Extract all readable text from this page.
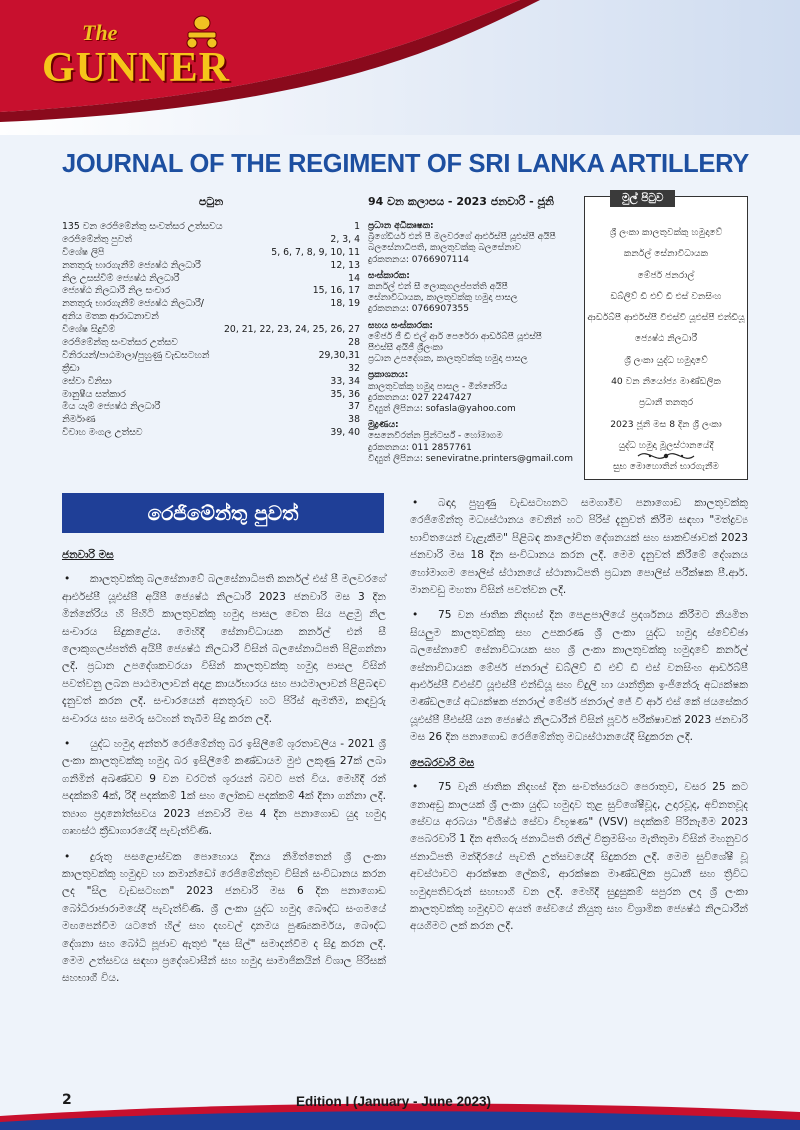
The
GUNNER
JOURNAL OF THE REGIMENT OF SRI LANKA ARTILLERY
පටුන
135 වන රෙජිමේන්තු සංවත්සර උත්සවය	1
රෙජිමේන්තු පුවත්	2, 3, 4
විශේෂ ලිපි	5, 6, 7, 8, 9, 10, 11
නතතුරු භාරගැනීම් ජ්‍යෙෂ්ඨ නිලධාරී	12, 13
නිල උසස්වීම් ජ්‍යෙෂ්ඨ නිලධාරී	14
ජ්‍යෙෂ්ඨ නිලධාරී නිල සංචාර	15, 16, 17
නතතුරු භාරගැනීම් ජ්‍යෙෂ්ඨ නිලධාරී/	18, 19
අනිය මතක ආරාධනාවන්
විශේෂ සිදුවීම්	20, 21, 22, 23, 24, 25, 26, 27
රෙජිමේන්තු සංවත්සර උත්සව	28
විනිරයන්/පාඨමාලා/පුහුණු වැඩසටහන්	29,30,31
ක්‍රීඩා	32
සේවා විනිසා	33, 34
මානුෂීය සත්කාර	35, 36
මිය යෑම් ජ්‍යෙෂ්ඨ නිලධාරී	37
නිර්මාණ	38
විවාහ මංගල උත්සව	39, 40
94 වන කලාපය - 2023 ජනවාරි - ජූනි
ප්‍රධාන අධිකෘෂක:
බ්‍රිගේඩියර් එන් පී මලවරගේ ආර්එස්පී යූඑස්පී අයිපී
බලසේනාධිපති, කාලතුවක්කු බලසේනාව
දුරකතනය: 0766907114
සංස්කාරක:
කර්නල් එන් සී ලොකුගලප්පත්ති අයිපී
සේනාවිධායක, කාලතුවක්කු හමුදා පාසල
දුරකතනය: 0766907355
සහය සංස්කාරක:
මේජර් ජී ඩී එල් ආර් පෙරේරා ආර්ඩබ්පී යූඑස්පී
පීඑස්සී අයිජී ශ්‍රීලංකා
ප්‍රධාන උපදේශක, කාලතුවක්කු හමුදා පාසල
ප්‍රකාශනය:
කාලතුවක්කු හමුදා පාසල - මින්නේරිය
දුරකතනය: 027 2247427
විද්‍යුත් ලිපිනය: sofasla@yahoo.com
මුද්‍රණය:
සෙනෙවිරත්න ප්‍රින්ටර්ස් - හෝමාගම
දුරකතනය: 011 2857761
විද්‍යුත් ලිපිනය: seneviratne.printers@gmail.com
මුල් පිටුව
ශ්‍රී ලංකා කාලතුවක්කු හමුදාවේ
කර්නල් සේනාවිධායක
මේජර් ජනරාල්
ඩබ්ලිව් ඩී එච් ඩී එස් වනසිංහ
ආර්ඩබ්පී ආර්එස්පී වීඑස්වී යූඑස්පී එන්ඩියූ
ජ්‍යෙෂ්ඨ නිලධාරී
ශ්‍රී ලංකා යුද්ධ හමුදාවේ
40 වන නියෝජ්‍ය මාණ්ඩලික
ප්‍රධානී තනතුර
2023 ජූනි මස 8 දින ශ්‍රී ලංකා
යුද්ධ හමුදා මූලස්ථානයේදී
සුභ මොහොතින් භාරගැනීම
රෙජිමේන්තු පුවත්
ජනවාරි මස
• කාලතුවක්කු බලසේනාවේ බලසේනාධිපති කර්නල් එස් පී මලවරගේ ආර්එස්පී යූඑස්පී අයිපී ජ්‍යෙෂ්ඨ නිලධාරී 2023 ජනවාරි මස 3 දින මින්නේරිය හි පිහිටි කාලතුවක්කු හමුදා පාසල වෙත සිය පළමු නිල සංචාරය සිදුකළේය. මෙහිදී සේනාවිධායක කර්නල් එන් සී ලොකුගලප්පත්ති අයිපී ජ්‍යෙෂ්ඨ නිලධාරී විසින් බලසේනාධිපති පිළිගන්නා ලදී. ප්‍රධාන උපදේශකවරයා විසින් කාලතුවක්කු හමුදා පාසල විසින් පවත්වනු ලබන පාඨමාලාවන් අදාළ කාර්යභාරය සහ පාඨමාලාවන් පිළිබඳව දැනුවත් කරන ලදී. සංචාරයෙන් අනතුරුව හට පිරිස් ඇමතීම, කඳවුරු සංචාරය සහ සමරු සටහන් තැබීම සිදු කරන ලදී.
• යුද්ධ හමුදා අන්තර් රෙජිමේන්තු බර ඉසිලීමේ ශූරතාවලිය - 2021 ශ්‍රී ලංකා කාලතුවක්කු හමුදා බර ඉසිලීමේ කණ්ඩායම මුළු ලකුණු 27ක් ලබා ගනිමින් අඛණ්ඩව 9 වන වරටත් ශූරයන් බවට පත් විය. මෙහිදී රන් පදක්කම් 4ක්, රිදී පදක්කම් 1ක් සහ ලෝකඩ පදක්කම් 4ක් දිනා ගන්නා ලදී. ත්‍යාග ප්‍රදානෝත්සවය 2023 ජනවාරි මස 4 දින පනාගොඩ යුද හමුදා ගෘහස්ථ ක්‍රීඩාගාරයේදී පැවැත්විණි.
• දුරුතු පසළොස්වක පොහොය දිනය නිමිත්තෙන් ශ්‍රී ලංකා කාලතුවක්කු හමුදාව හා කමාන්ඩෝ රෙජිමේන්තුව විසින් සංවිධානය කරන ලද "සිල වැඩසටහන" 2023 ජනවාරි මස 6 දින පනාගොඩ බෝධිරාජාරාමයේදී පැවැත්විණි. ශ්‍රී ලංකා යුද්ධ හමුදා බෞද්ධ සංගමයේ මඟපෙන්වීම යටතේ හිල් සහ දඟවල් දානමය පුණ්‍යකර්මය, බෞද්ධ දේශනා සහ බෝධි පූජාව ඇතුළු "දස සිල්" සමාදන්වීම ද සිදු කරන ලදී. මෙම උත්සවය සඳහා ප්‍රදේශවාසීන් සහ හමුදා සාමාජිකයින් විශාල පිරිසක් සහභාගී විය.
• බඳාදා පුහුණු වැඩසටහනට සමගාමීව පනාගොඩ කාලතුවක්කු රෙජිමේන්තු මධ්‍යස්ථානය වෙනින් හට පිරිස් දැනුවත් කිරීම සඳහා "මත්ද්‍රව්‍ය භාවිතයෙන් වැළැකීම" පිළිබඳ කාලෝචිත දේශනයක් සහ සාකච්ඡාවක් 2023 ජනවාරි මස 18 දින සංවිධානය කරන ලදී. මෙම දැනුවත් කිරීමේ දේශනය හෝමාගම පොලිස් ස්ථානයේ ස්ථානාධිපති ප්‍රධාන පොලිස් පරීක්ෂක පී.ආර්. මානවඩු මහතා විසින් පවත්වන ලදී.
• 75 වන ජාතික නිදහස් දින පෙළපාලියේ ප්‍රදර්ශනය කිරීමට නියමිත සියලුම කාලතුවක්කු සහ උපකරණ ශ්‍රී ලංකා යුද්ධ හමුදා ස්වේච්ඡා බලසේනාවේ සේනාවිධායක සහ ශ්‍රී ලංකා කාලතුවක්කු හමුදාවේ කර්නල් සේනාවිධායක මේජර් ජනරාල් ඩබ්ලිව් ඩී එච් ඩී එස් වනසිංහ ආර්ඩබ්පී ආර්එස්පී වීඑස්වී යූඑස්පී එන්ඩියූ සහ විදුලි හා යාන්ත්‍රික ඉංජිනේරු අධ්‍යක්ෂක මණ්ඩලයේ අධ්‍යක්ෂක ජනරාල් මේජර් ජනරාල් ජේ වී ආර් එස් කේ ජයසේකර යූඑස්පී පීඑස්සී යන ජ්‍යෙෂ්ඨ නිලධාරීන් විසින් පූර්ව පරීක්ෂාවක් 2023 ජනවාරි මස 26 දින පනාගොඩ රෙජිමේන්තු මධ්‍යස්ථානයේදී සිදුකරන ලදී.
පෙබරවාරි මස
• 75 වැනි ජාතික නිදහස් දින සංවත්සරයට පෙරාතුව, වසර 25 කට නොඅඩු කාලයක් ශ්‍රී ලංකා යුද්ධ හමුදාව තුළ සුවිශේෂීවූද, උදාරවූද, අවිනතවූද සේවය අරබයා "විශිෂ්ඨ සේවා විභූෂණ" (VSV) පදක්කම් පිරිනැමීම 2023 පෙබරවාරි 1 දින අතිගරු ජනාධිපති රනිල් වික්‍රමසිංහ මැතිතුමා විසින් මහනුවර ජනාධිපති මන්දිරයේ පැවති උත්සවයේදී සිදුකරන ලදී. මෙම සුවිශේෂී වූ අවස්ථාවට ආරක්ෂක ලේකම්, ආරක්ෂක මාණ්ඩලික ප්‍රධානී සහ ත්‍රිවිධ හමුදාපතිවරුන් සහභාගී වන ලදී. මෙහිදී සුදුසුකම් සපුරන ලද ශ්‍රී ලංකා කාලතුවක්කු හමුදාවට අයත් සේවයේ නියුතු සහ විශ්‍රාමික ජ්‍යෙෂ්ඨ නිලධාරීන් අයගිමට ලක් කරන ලදී.
2	Edition I (January - June 2023)
